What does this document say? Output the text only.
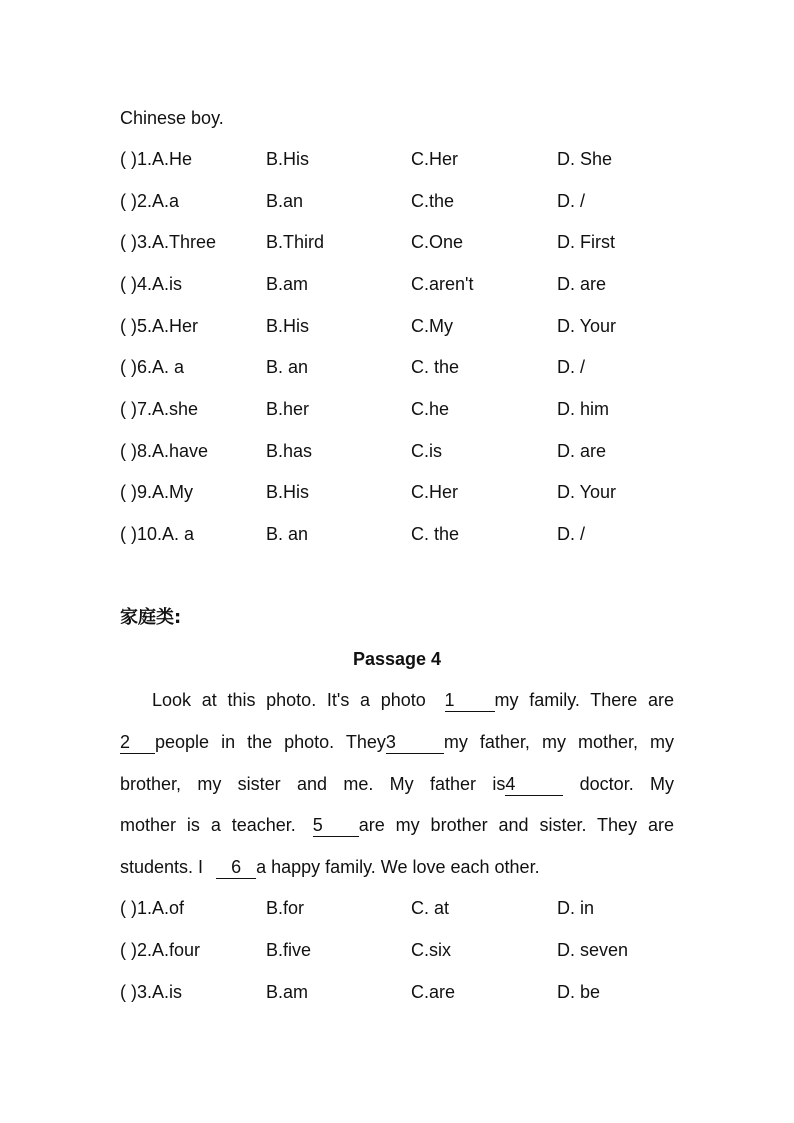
Chinese boy.
( )1.A.He	B.His	C.Her	D. She
( )2.A.a	B.an	C.the	D. /
( )3.A.Three	B.Third	C.One	D. First
( )4.A.is	B.am	C.aren't	D. are
( )5.A.Her	B.His	C.My	D. Your
( )6.A. a	B. an	C. the	D. /
( )7.A.she	B.her	C.he	D. him
( )8.A.have	B.has	C.is	D. are
( )9.A.My	B.His	C.Her	D. Your
( )10.A. a	B. an	C. the	D. /
家庭类:
Passage 4
Look at this photo. It's a photo 1 my family. There are
2 people in the photo. They3	my father, my mother, my
brother, my sister and me. My father is4	doctor. My
mother is a teacher. 5 are my brother and sister. They are
students. I 6 a happy family. We love each other.
( )1.A.of	B.for	C. at	D. in
( )2.A.four	B.five	C.six	D. seven
( )3.A.is	B.am	C.are	D. be
